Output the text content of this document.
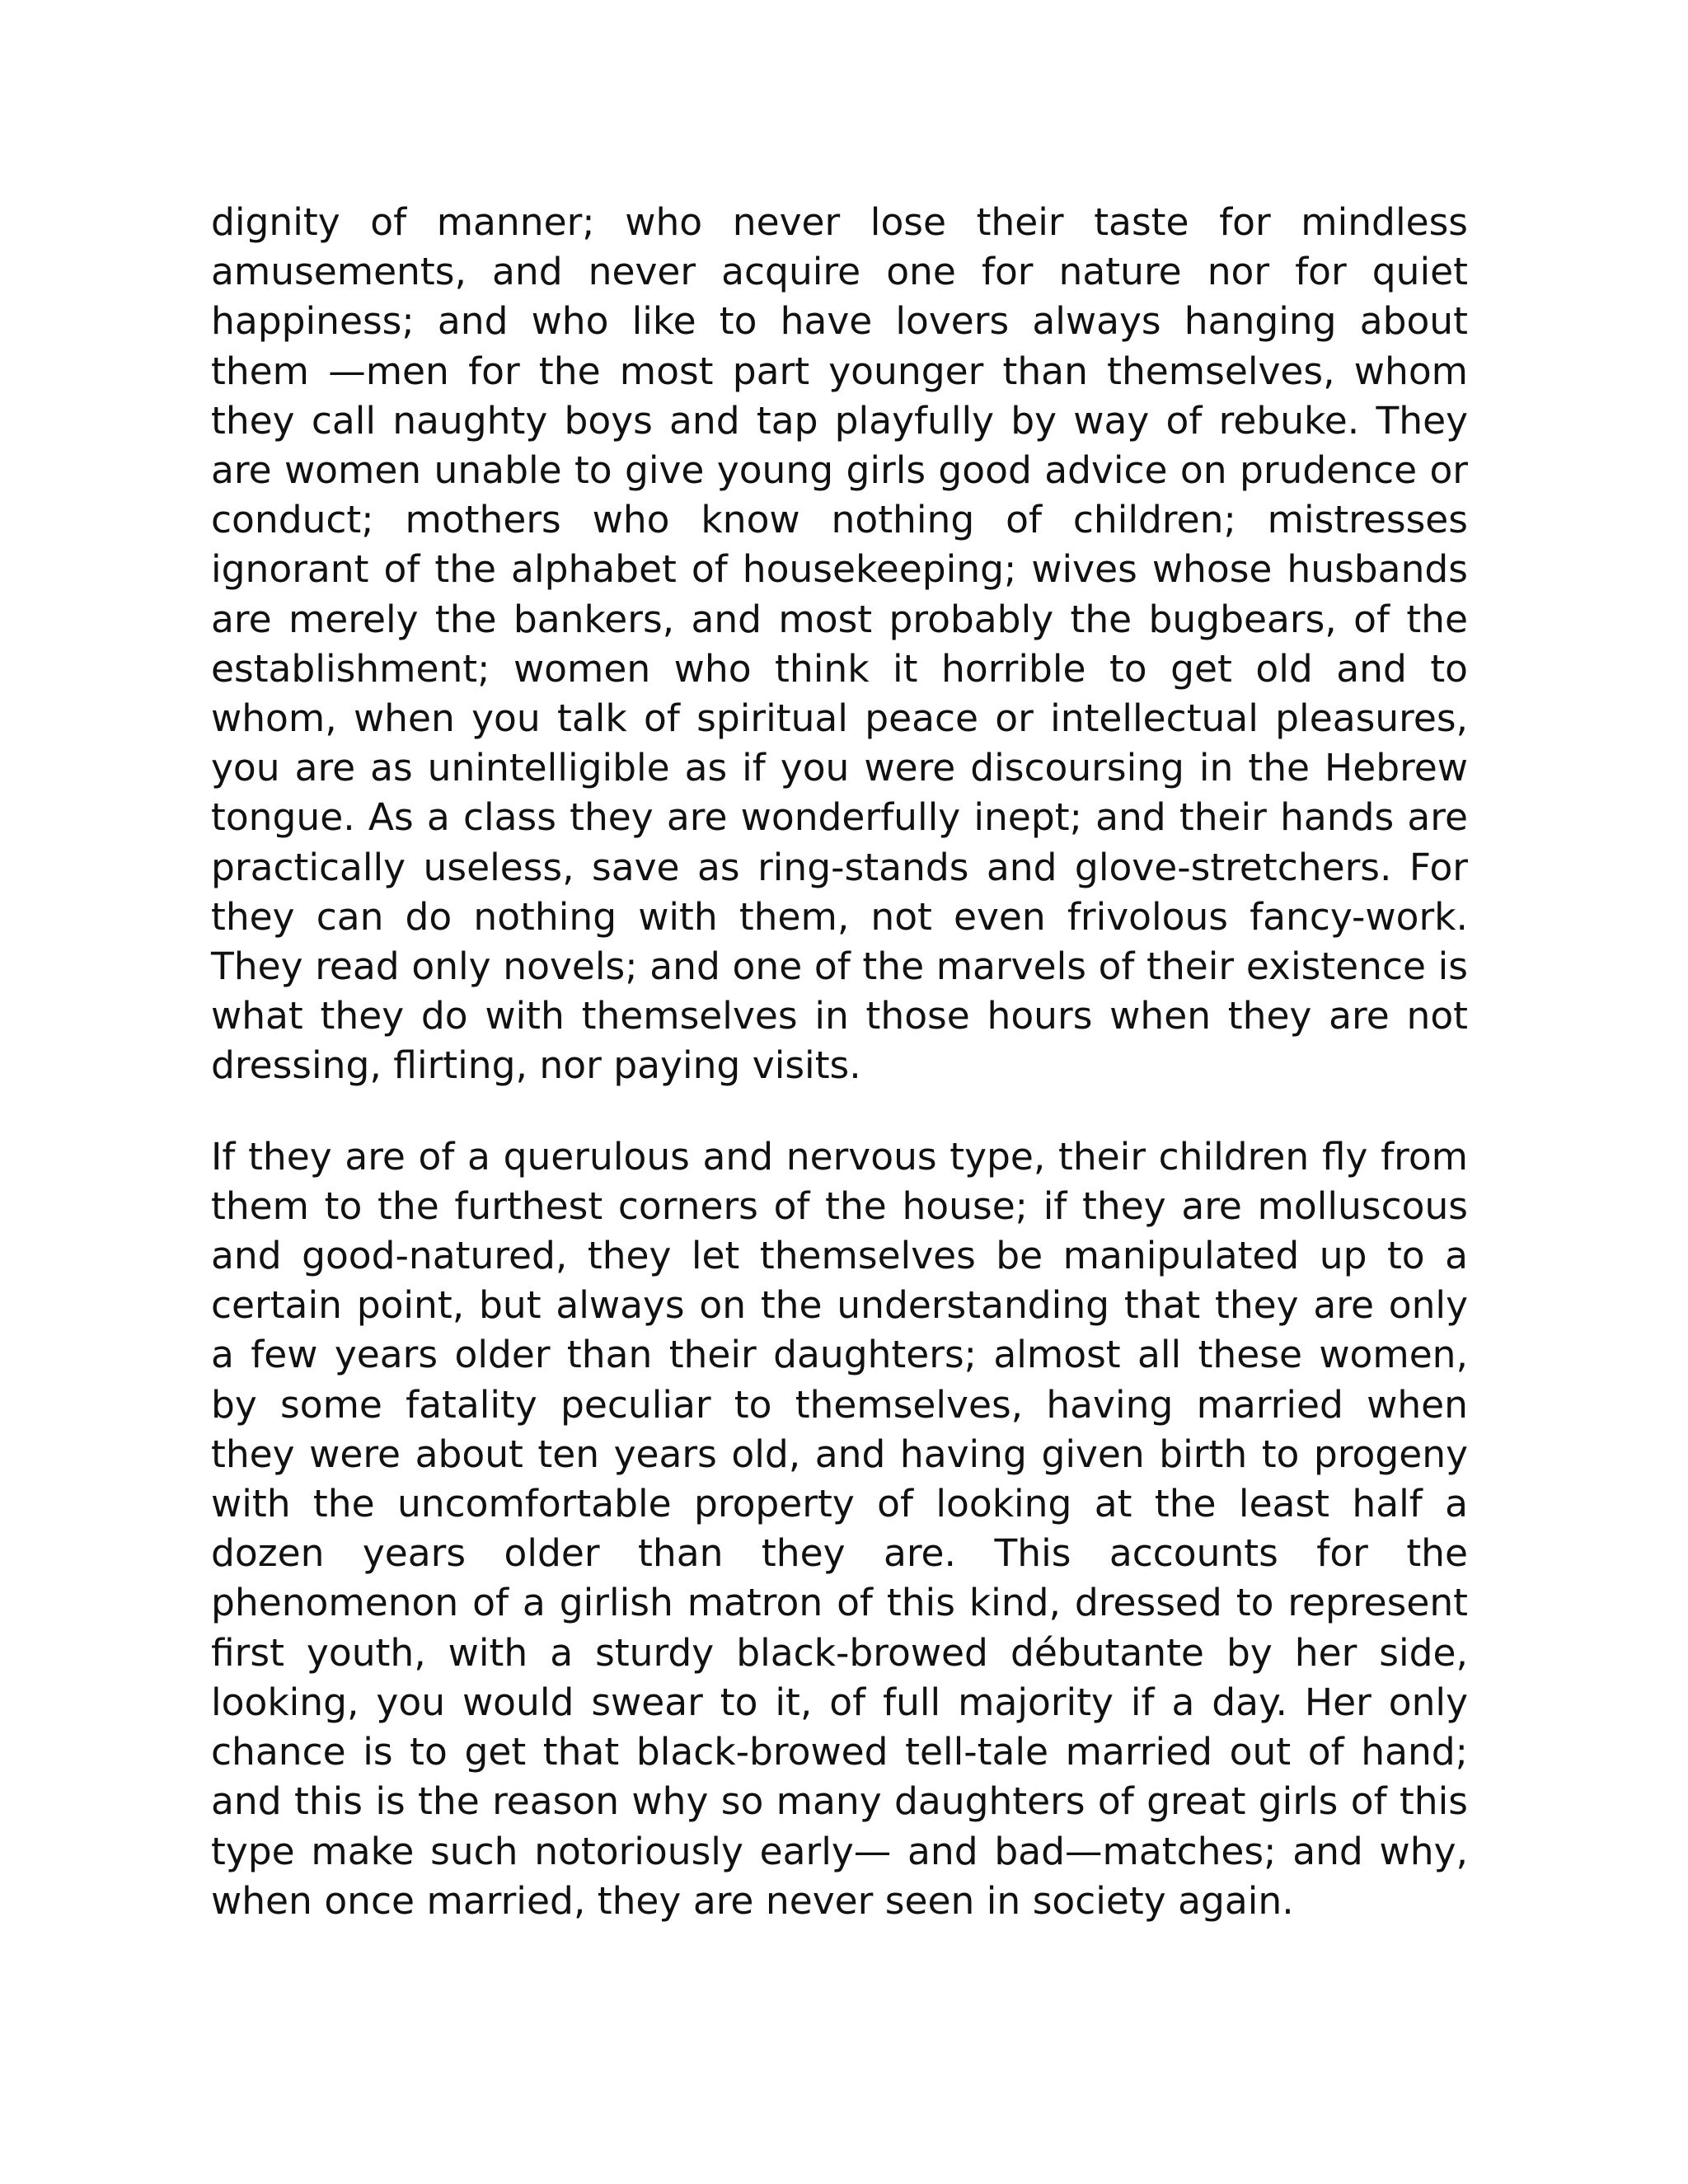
dignity of manner; who never lose their taste for mindless amusements, and never acquire one for nature nor for quiet happiness; and who like to have lovers always hanging about them —men for the most part younger than themselves, whom they call naughty boys and tap playfully by way of rebuke. They are women unable to give young girls good advice on prudence or conduct; mothers who know nothing of children; mistresses ignorant of the alphabet of housekeeping; wives whose husbands are merely the bankers, and most probably the bugbears, of the establishment; women who think it horrible to get old and to whom, when you talk of spiritual peace or intellectual pleasures, you are as unintelligible as if you were discoursing in the Hebrew tongue. As a class they are wonderfully inept; and their hands are practically useless, save as ring-stands and glove-stretchers. For they can do nothing with them, not even frivolous fancy-work. They read only novels; and one of the marvels of their existence is what they do with themselves in those hours when they are not dressing, flirting, nor paying visits.

If they are of a querulous and nervous type, their children fly from them to the furthest corners of the house; if they are molluscous and good-natured, they let themselves be manipulated up to a certain point, but always on the understanding that they are only a few years older than their daughters; almost all these women, by some fatality peculiar to themselves, having married when they were about ten years old, and having given birth to progeny with the uncomfortable property of looking at the least half a dozen years older than they are. This accounts for the phenomenon of a girlish matron of this kind, dressed to represent first youth, with a sturdy black-browed débutante by her side, looking, you would swear to it, of full majority if a day. Her only chance is to get that black-browed tell-tale married out of hand; and this is the reason why so many daughters of great girls of this type make such notoriously early— and bad—matches; and why, when once married, they are never seen in society again.
